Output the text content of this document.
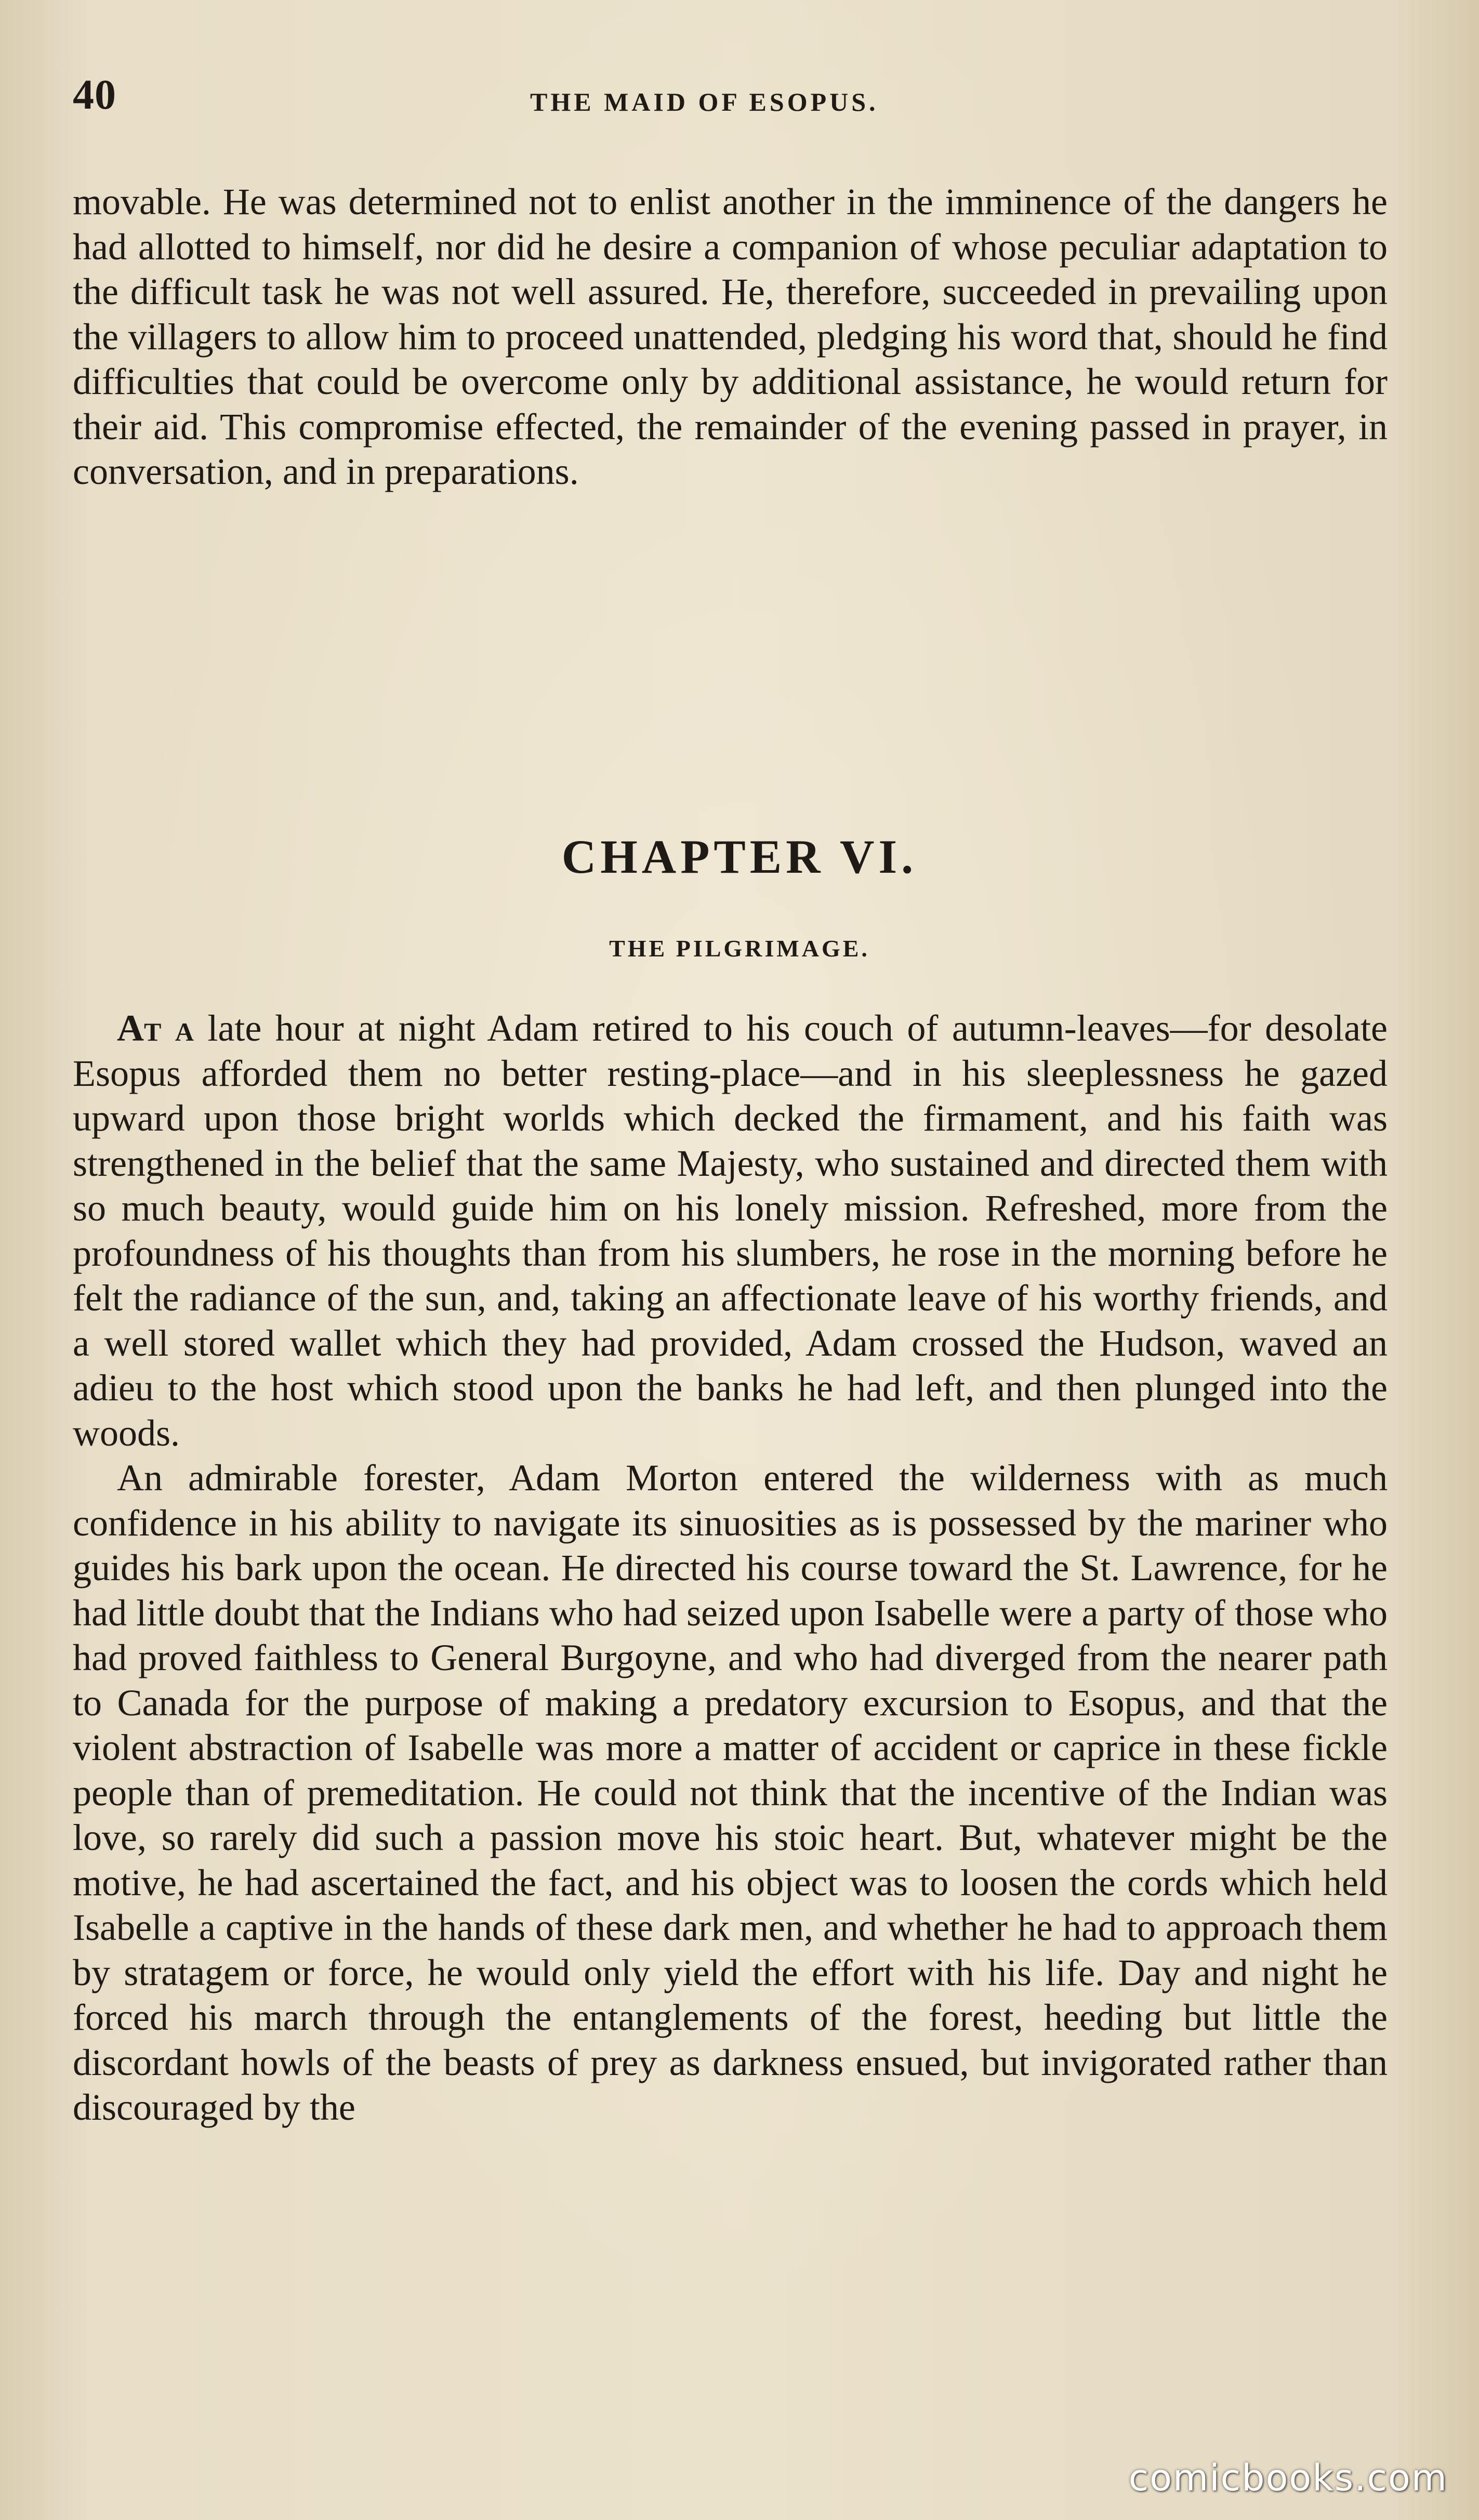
40	THE MAID OF ESOPUS.

movable. He was determined not to enlist another in the imminence of the dangers he had allotted to himself, nor did he desire a companion of whose peculiar adaptation to the difficult task he was not well assured. He, therefore, succeeded in prevailing upon the villagers to allow him to proceed unattended, pledging his word that, should he find difficulties that could be overcome only by additional assistance, he would return for their aid. This compromise effected, the remainder of the evening passed in prayer, in conversation, and in preparations.

CHAPTER VI.
THE PILGRIMAGE.

At a late hour at night Adam retired to his couch of autumn-leaves—for desolate Esopus afforded them no better resting-place—and in his sleeplessness he gazed upward upon those bright worlds which decked the firmament, and his faith was strengthened in the belief that the same Majesty, who sustained and directed them with so much beauty, would guide him on his lonely mission. Refreshed, more from the profoundness of his thoughts than from his slumbers, he rose in the morning before he felt the radiance of the sun, and, taking an affectionate leave of his worthy friends, and a well stored wallet which they had provided, Adam crossed the Hudson, waved an adieu to the host which stood upon the banks he had left, and then plunged into the woods.

An admirable forester, Adam Morton entered the wilderness with as much confidence in his ability to navigate its sinuosities as is possessed by the mariner who guides his bark upon the ocean. He directed his course toward the St. Lawrence, for he had little doubt that the Indians who had seized upon Isabelle were a party of those who had proved faithless to General Burgoyne, and who had diverged from the nearer path to Canada for the purpose of making a predatory excursion to Esopus, and that the violent abstraction of Isabelle was more a matter of accident or caprice in these fickle people than of premeditation. He could not think that the incentive of the Indian was love, so rarely did such a passion move his stoic heart. But, whatever might be the motive, he had ascertained the fact, and his object was to loosen the cords which held Isabelle a captive in the hands of these dark men, and whether he had to approach them by stratagem or force, he would only yield the effort with his life. Day and night he forced his march through the entanglements of the forest, heeding but little the discordant howls of the beasts of prey as darkness ensued, but invigorated rather than discouraged by the

comicbooks.com
